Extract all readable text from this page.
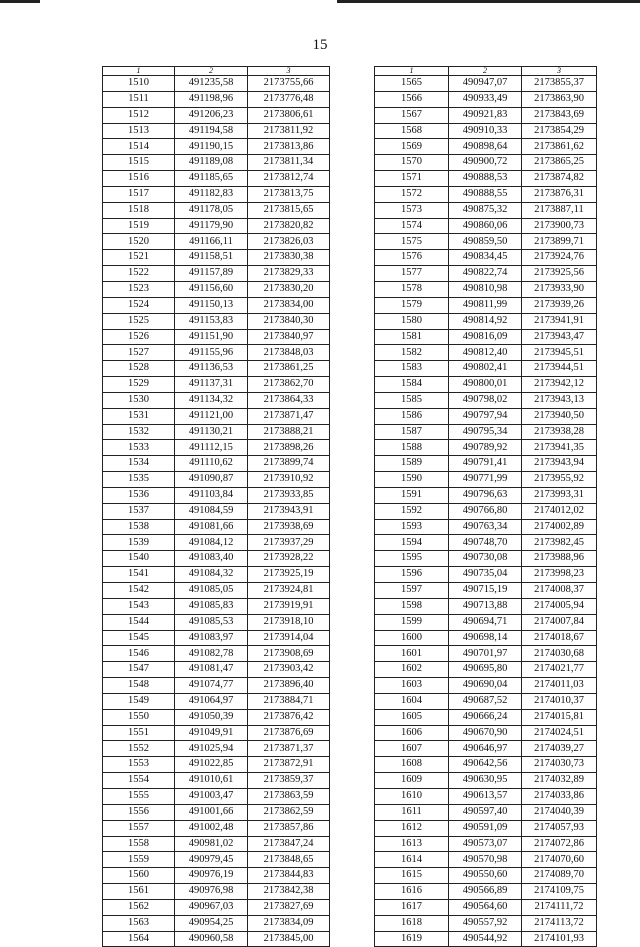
15
1	2	3
1510	491235,58	2173755,66
1511	491198,96	2173776,48
1512	491206,23	2173806,61
1513	491194,58	2173811,92
1514	491190,15	2173813,86
1515	491189,08	2173811,34
1516	491185,65	2173812,74
1517	491182,83	2173813,75
1518	491178,05	2173815,65
1519	491179,90	2173820,82
1520	491166,11	2173826,03
1521	491158,51	2173830,38
1522	491157,89	2173829,33
1523	491156,60	2173830,20
1524	491150,13	2173834,00
1525	491153,83	2173840,30
1526	491151,90	2173840,97
1527	491155,96	2173848,03
1528	491136,53	2173861,25
1529	491137,31	2173862,70
1530	491134,32	2173864,33
1531	491121,00	2173871,47
1532	491130,21	2173888,21
1533	491112,15	2173898,26
1534	491110,62	2173899,74
1535	491090,87	2173910,92
1536	491103,84	2173933,85
1537	491084,59	2173943,91
1538	491081,66	2173938,69
1539	491084,12	2173937,29
1540	491083,40	2173928,22
1541	491084,32	2173925,19
1542	491085,05	2173924,81
1543	491085,83	2173919,91
1544	491085,53	2173918,10
1545	491083,97	2173914,04
1546	491082,78	2173908,69
1547	491081,47	2173903,42
1548	491074,77	2173896,40
1549	491064,97	2173884,71
1550	491050,39	2173876,42
1551	491049,91	2173876,69
1552	491025,94	2173871,37
1553	491022,85	2173872,91
1554	491010,61	2173859,37
1555	491003,47	2173863,59
1556	491001,66	2173862,59
1557	491002,48	2173857,86
1558	490981,02	2173847,24
1559	490979,45	2173848,65
1560	490976,19	2173844,83
1561	490976,98	2173842,38
1562	490967,03	2173827,69
1563	490954,25	2173834,09
1564	490960,58	2173845,00
1	2	3
1565	490947,07	2173855,37
1566	490933,49	2173863,90
1567	490921,83	2173843,69
1568	490910,33	2173854,29
1569	490898,64	2173861,62
1570	490900,72	2173865,25
1571	490888,53	2173874,82
1572	490888,55	2173876,31
1573	490875,32	2173887,11
1574	490860,06	2173900,73
1575	490859,50	2173899,71
1576	490834,45	2173924,76
1577	490822,74	2173925,56
1578	490810,98	2173933,90
1579	490811,99	2173939,26
1580	490814,92	2173941,91
1581	490816,09	2173943,47
1582	490812,40	2173945,51
1583	490802,41	2173944,51
1584	490800,01	2173942,12
1585	490798,02	2173943,13
1586	490797,94	2173940,50
1587	490795,34	2173938,28
1588	490789,92	2173941,35
1589	490791,41	2173943,94
1590	490771,99	2173955,92
1591	490796,63	2173993,31
1592	490766,80	2174012,02
1593	490763,34	2174002,89
1594	490748,70	2173982,45
1595	490730,08	2173988,96
1596	490735,04	2173998,23
1597	490715,19	2174008,37
1598	490713,88	2174005,94
1599	490694,71	2174007,84
1600	490698,14	2174018,67
1601	490701,97	2174030,68
1602	490695,80	2174021,77
1603	490690,04	2174011,03
1604	490687,52	2174010,37
1605	490666,24	2174015,81
1606	490670,90	2174024,51
1607	490646,97	2174039,27
1608	490642,56	2174030,73
1609	490630,95	2174032,89
1610	490613,57	2174033,86
1611	490597,40	2174040,39
1612	490591,09	2174057,93
1613	490573,07	2174072,86
1614	490570,98	2174070,60
1615	490550,60	2174089,70
1616	490566,89	2174109,75
1617	490564,60	2174111,72
1618	490557,92	2174113,72
1619	490544,92	2174101,93
